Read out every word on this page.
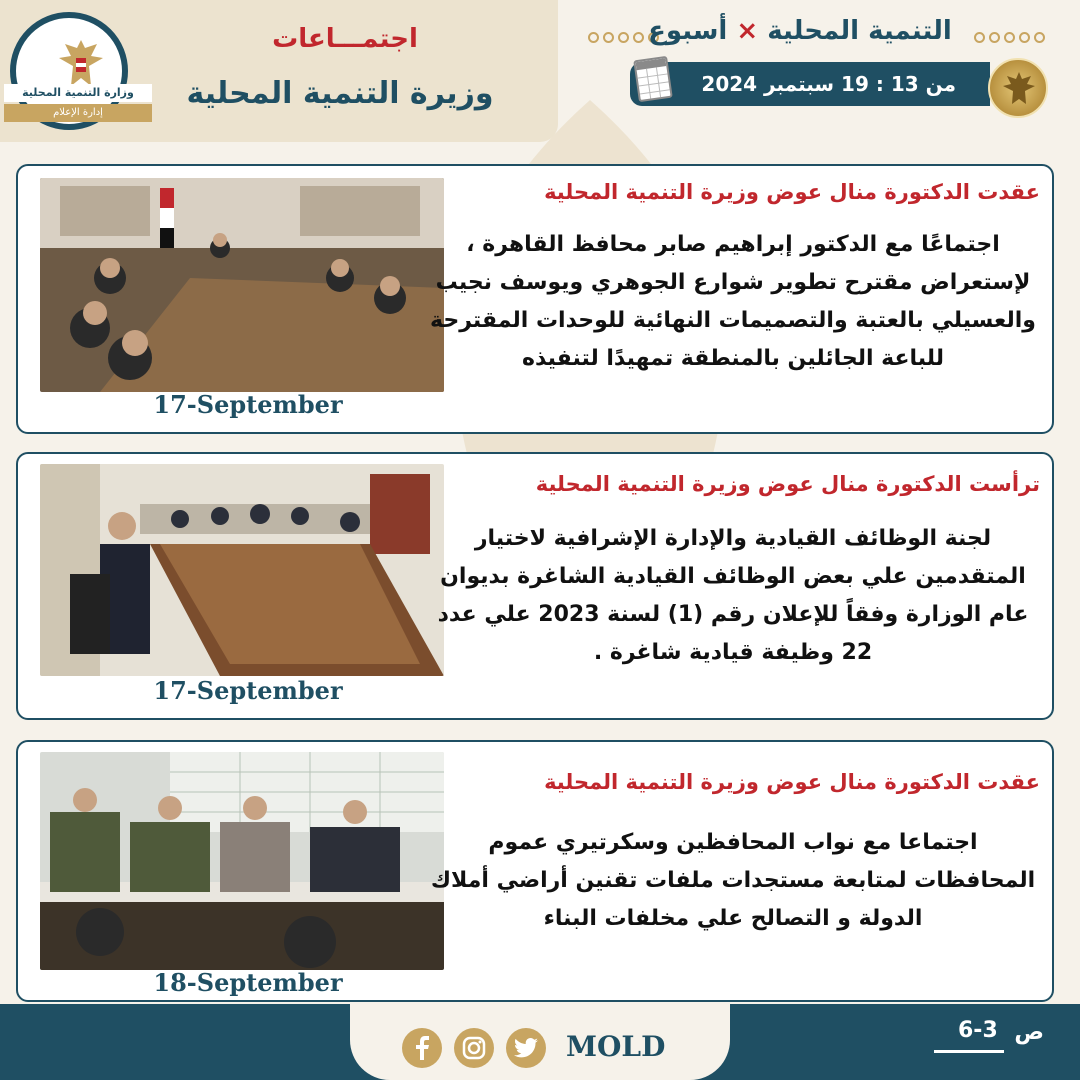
وزارة التنمية المحلية
إدارة الإعلام
اجتمـــاعات
وزيرة التنمية المحلية
التنمية المحلية × أسبوع
من 13 : 19 سبتمبر 2024
17-September
عقدت الدكتورة منال عوض وزيرة التنمية المحلية
اجتماعًا مع الدكتور إبراهيم صابر محافظ القاهرة ، لإستعراض مقترح تطوير شوارع الجوهري ويوسف نجيب والعسيلي بالعتبة والتصميمات النهائية للوحدات المقترحة للباعة الجائلين بالمنطقة تمهيدًا لتنفيذه
17-September
ترأست الدكتورة منال عوض وزيرة التنمية المحلية
لجنة الوظائف القيادية والإدارة الإشرافية لاختيار المتقدمين علي بعض الوظائف القيادية الشاغرة بديوان عام الوزارة وفقاً للإعلان رقم (1) لسنة 2023 علي عدد 22 وظيفة قيادية شاغرة .
18-September
عقدت الدكتورة منال عوض وزيرة التنمية المحلية
اجتماعا مع نواب المحافظين وسكرتيري عموم المحافظات لمتابعة مستجدات ملفات تقنين أراضي أملاك الدولة و التصالح علي مخلفات البناء
MOLD	ص
6-3
